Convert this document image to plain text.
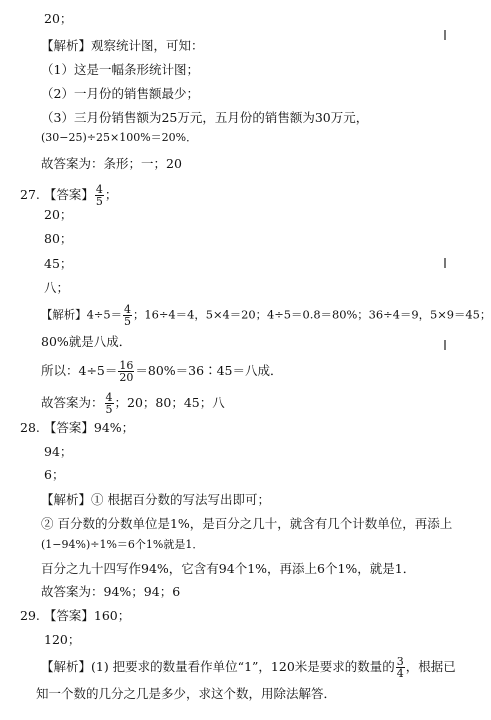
20；
【解析】观察统计图，可知：
（1）这是一幅条形统计图；
（2）一月份的销售额最少；
（3）三月份销售额为25万元，五月份的销售额为30万元，
(30−25)÷25×100%＝20%．
故答案为：条形；一；20
27. 【答案】 $\frac{4}{5}$ ；
20；
80；
45；
八；
【解析】$4\div 5= \frac{4}{5}$ ；16÷4＝4，5×4＝20；4÷5＝0.8＝80%；36÷4＝9，5×9＝45；
80%就是八成．
所以：$4\div 5= \frac{16}{20}$ ＝80%＝36∶45＝八成．
故答案为： $\frac{4}{5}$ ；20；80；45；八
28. 【答案】94%；
94；
6；
【解析】① 根据百分数的写法写出即可；
② 百分数的分数单位是1%，是百分之几十，就含有几个计数单位，再添上
(1−94%)÷1%＝6个1%就是1．
百分之九十四写作94%，它含有94个1%，再添上6个1%，就是1．
故答案为：94%；94；6
29. 【答案】160；
120；
【解析】(1) 把要求的数量看作单位“1”，120米是要求的数量的 $\frac{3}{4}$ ，根据已
知一个数的几分之几是多少，求这个数，用除法解答．
